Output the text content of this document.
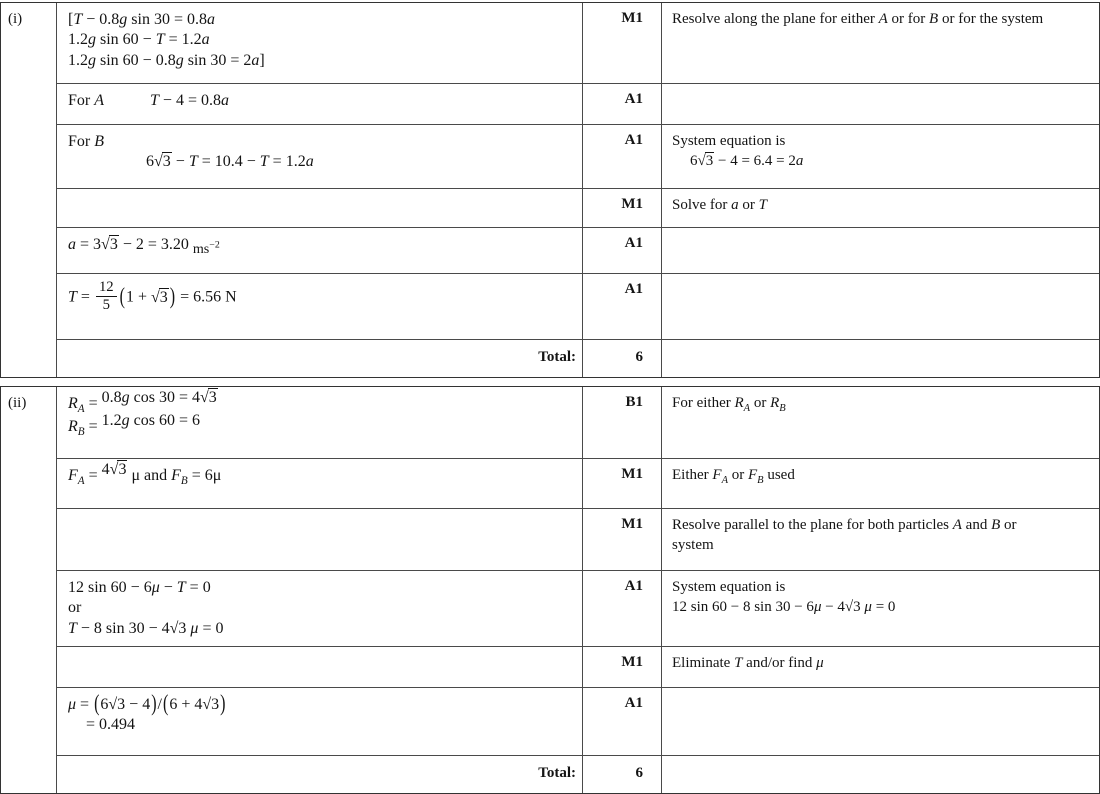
(i)	[T − 0.8g sin 30 = 0.8a
1.2g sin 60 − T = 1.2a
1.2g sin 60 − 0.8g sin 30 = 2a]
M1	Resolve along the plane for either A or for B or for the system
For A	T − 4 = 0.8a	A1
For B
6√3 − T = 10.4 − T = 1.2a
A1	System equation is
6√3 − 4 = 6.4 = 2a
M1	Solve for a or T
a = 3√3 − 2 = 3.20 $ms^{-2}$	A1
$T = \frac{12}{5} (1 + √3$ ) = 6.56 N	A1
Total:	6
(ii)	$R_A = 0.8g$ cos 30 = 4√3
$R_B = 1.2g$ cos 60 = 6
B1	For either $R_A$ or $R_B$
$F_A = 4√3$ μ and $F_B = 6\mu$	M1	Either $F_A$ or $F_B$ used
M1	Resolve parallel to the plane for both particles A and B or
system
12 sin 60 − 6μ − T = 0
or
T − 8 sin 30 − 4√3 μ = 0
A1	System equation is
12 sin 60 − 8 sin 30 − 6μ − 4√3 μ = 0
M1	Eliminate T and/or find μ
μ = (6√3 − 4)/(6 + 4√3)
= 0.494
A1
Total:	6
